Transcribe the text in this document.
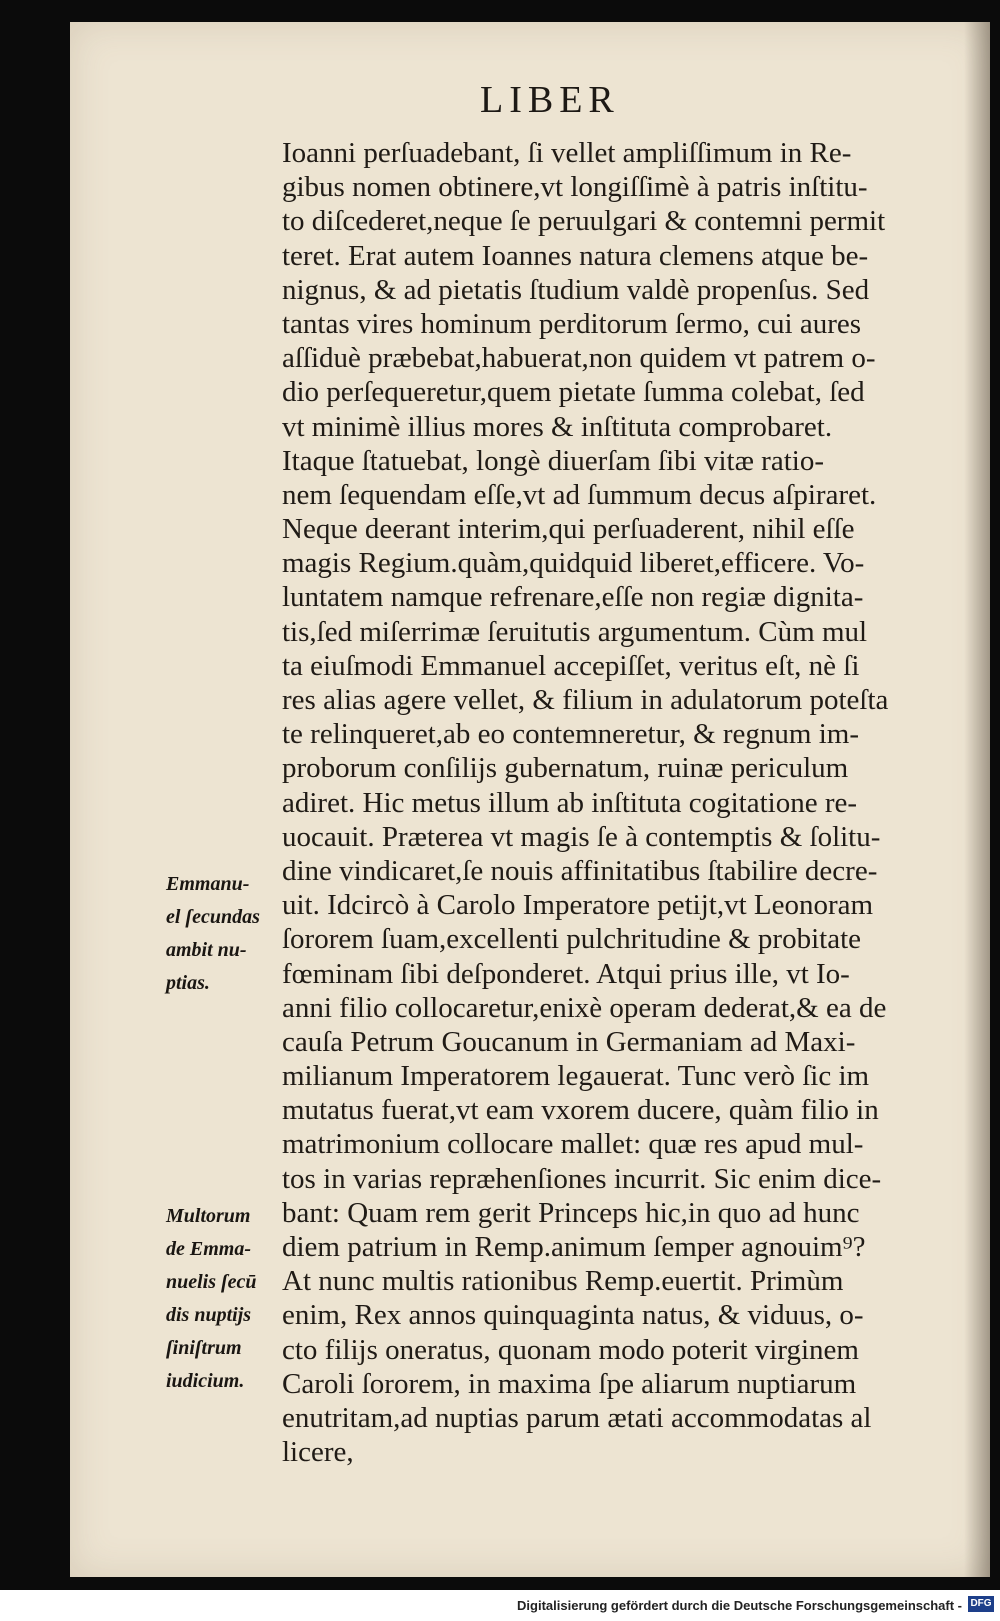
LIBER
Ioanni perſuadebant, ſi vellet ampliſſimum in Re-
gibus nomen obtinere,vt longiſſimè à patris inſtitu-
to diſcederet,neque ſe peruulgari & contemni permit
teret. Erat autem Ioannes natura clemens atque be-
nignus, & ad pietatis ſtudium valdè propenſus. Sed
tantas vires hominum perditorum ſermo, cui aures
aſſiduè præbebat,habuerat,non quidem vt patrem o-
dio perſequeretur,quem pietate ſumma colebat, ſed
vt minimè illius mores & inſtituta comprobaret.
Itaque ſtatuebat, longè diuerſam ſibi vitæ ratio-
nem ſequendam eſſe,vt ad ſummum decus aſpiraret.
Neque deerant interim,qui perſuaderent, nihil eſſe
magis Regium.quàm,quidquid liberet,efficere. Vo-
luntatem namque refrenare,eſſe non regiæ dignita-
tis,ſed miſerrimæ ſeruitutis argumentum. Cùm mul
ta eiuſmodi Emmanuel accepiſſet, veritus eſt, nè ſi
res alias agere vellet, & filium in adulatorum poteſta
te relinqueret,ab eo contemneretur, & regnum im-
proborum conſilijs gubernatum, ruinæ periculum
adiret. Hic metus illum ab inſtituta cogitatione re-
uocauit. Præterea vt magis ſe à contemptis & ſolitu-
dine vindicaret,ſe nouis affinitatibus ſtabilire decre-
uit. Idcircò à Carolo Imperatore petijt,vt Leonoram
ſororem ſuam,excellenti pulchritudine & probitate
fœminam ſibi deſponderet. Atqui prius ille, vt Io-
anni filio collocaretur,enixè operam dederat,& ea de
cauſa Petrum Goucanum in Germaniam ad Maxi-
milianum Imperatorem legauerat. Tunc verò ſic im
mutatus fuerat,vt eam vxorem ducere, quàm filio in
matrimonium collocare mallet: quæ res apud mul-
tos in varias repræhenſiones incurrit. Sic enim dice-
bant: Quam rem gerit Princeps hic,in quo ad hunc
diem patrium in Remp.animum ſemper agnouim⁹?
At nunc multis rationibus Remp.euertit. Primùm
enim, Rex annos quinquaginta natus, & viduus, o-
cto filijs oneratus, quonam modo poterit virginem
Caroli ſororem, in maxima ſpe aliarum nuptiarum
enutritam,ad nuptias parum ætati accommodatas al
licere,
Emmanu-
el ſecundas
ambit nu-
ptias.
Multorum
de Emma-
nuelis ſecū
dis nuptijs
ſiniſtrum
iudicium.
Digitalisierung gefördert durch die Deutsche Forschungsgemeinschaft - DFG
